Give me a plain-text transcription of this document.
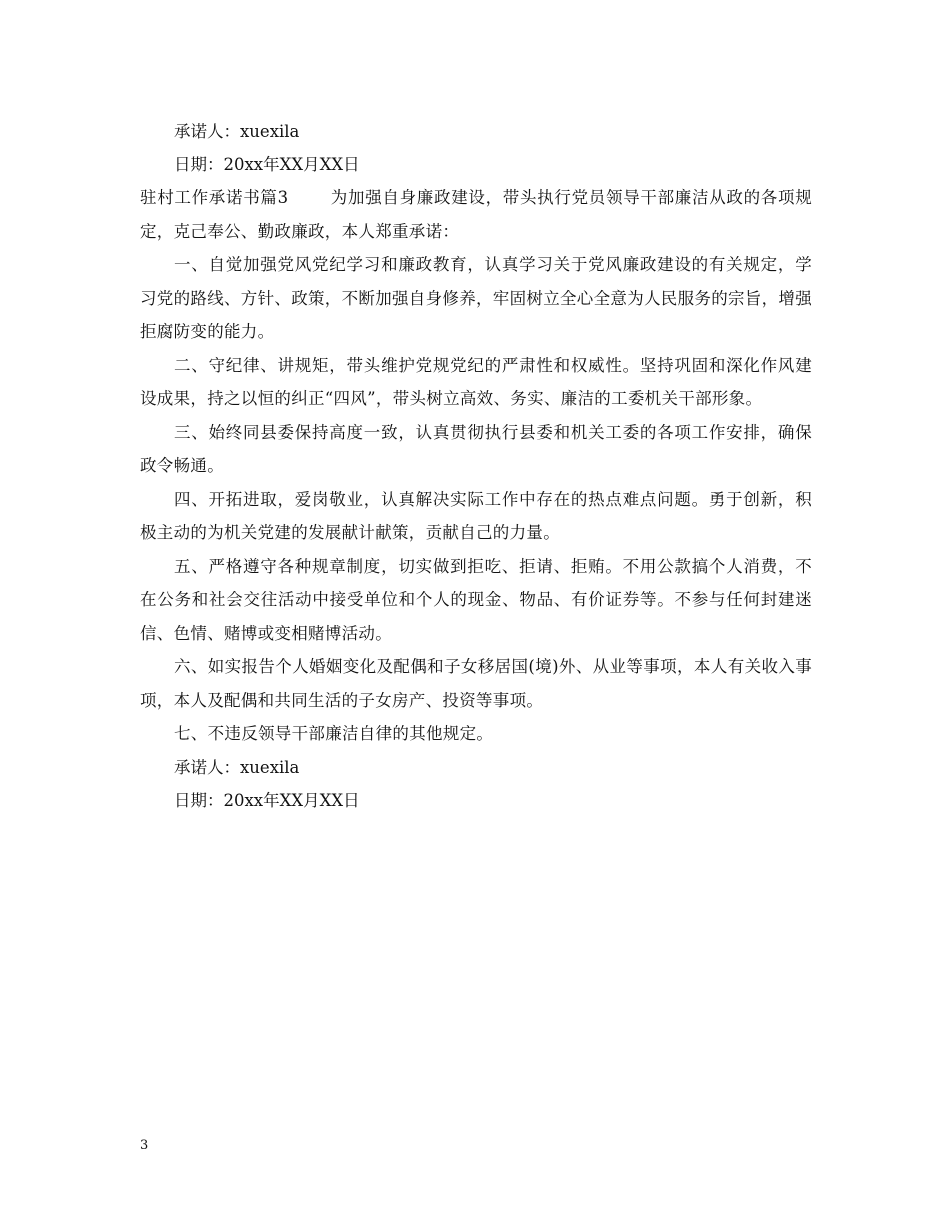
承诺人：xuexila

日期：20xx年XX月XX日

驻村工作承诺书篇3	为加强自身廉政建设，带头执行党员领导干部廉洁从政的各项规定，克己奉公、勤政廉政，本人郑重承诺：

一、自觉加强党风党纪学习和廉政教育，认真学习关于党风廉政建设的有关规定，学习党的路线、方针、政策，不断加强自身修养，牢固树立全心全意为人民服务的宗旨，增强拒腐防变的能力。

二、守纪律、讲规矩，带头维护党规党纪的严肃性和权威性。坚持巩固和深化作风建设成果，持之以恒的纠正“四风”，带头树立高效、务实、廉洁的工委机关干部形象。

三、始终同县委保持高度一致，认真贯彻执行县委和机关工委的各项工作安排，确保政令畅通。

四、开拓进取，爱岗敬业，认真解决实际工作中存在的热点难点问题。勇于创新，积极主动的为机关党建的发展献计献策，贡献自己的力量。

五、严格遵守各种规章制度，切实做到拒吃、拒请、拒贿。不用公款搞个人消费，不在公务和社会交往活动中接受单位和个人的现金、物品、有价证券等。不参与任何封建迷信、色情、赌博或变相赌博活动。

六、如实报告个人婚姻变化及配偶和子女移居国(境)外、从业等事项，本人有关收入事项，本人及配偶和共同生活的子女房产、投资等事项。

七、不违反领导干部廉洁自律的其他规定。

承诺人：xuexila

日期：20xx年XX月XX日

3
